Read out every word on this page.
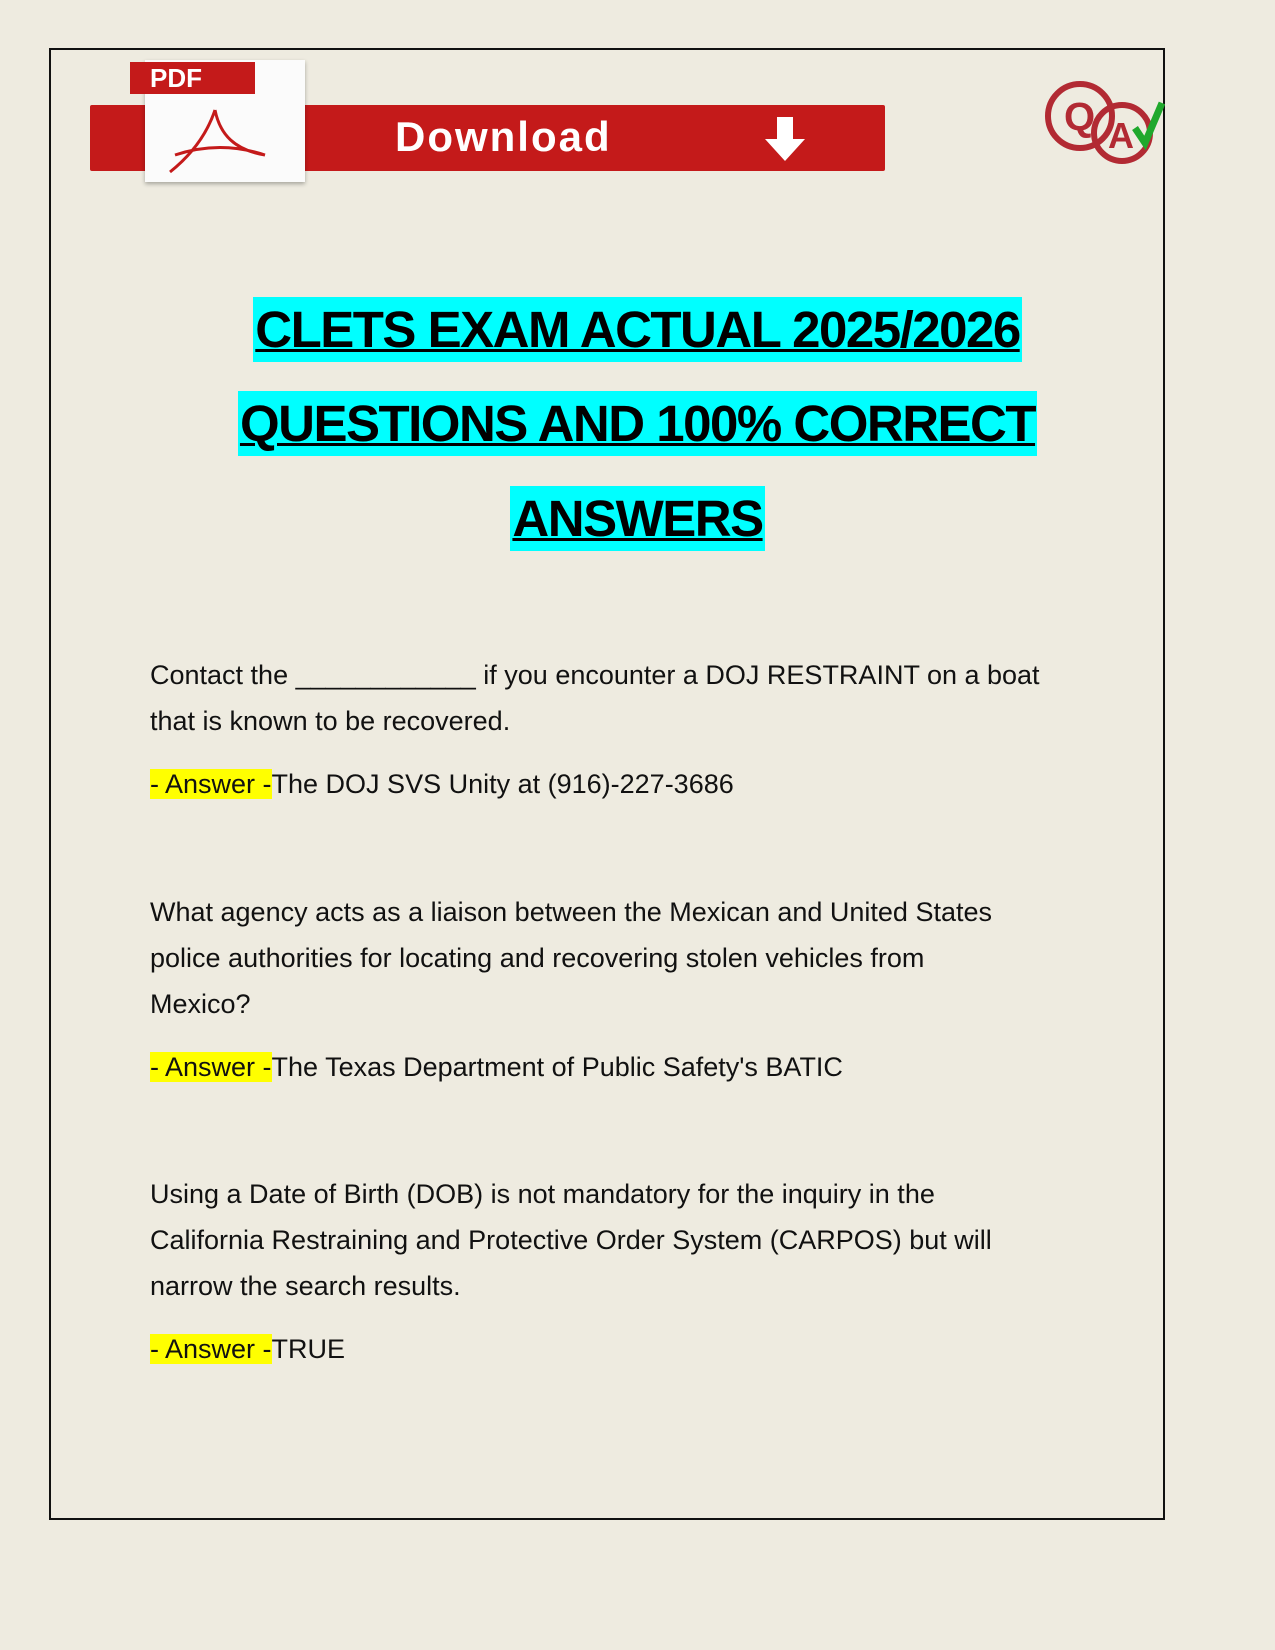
Download
PDF
Q A
CLETS EXAM ACTUAL 2025/2026
QUESTIONS AND 100% CORRECT
ANSWERS
Contact the ____________ if you encounter a DOJ RESTRAINT on a boat
that is known to be recovered.
- Answer -The DOJ SVS Unity at (916)-227-3686
What agency acts as a liaison between the Mexican and United States
police authorities for locating and recovering stolen vehicles from
Mexico?
- Answer -The Texas Department of Public Safety's BATIC
Using a Date of Birth (DOB) is not mandatory for the inquiry in the
California Restraining and Protective Order System (CARPOS) but will
narrow the search results.
- Answer -TRUE
